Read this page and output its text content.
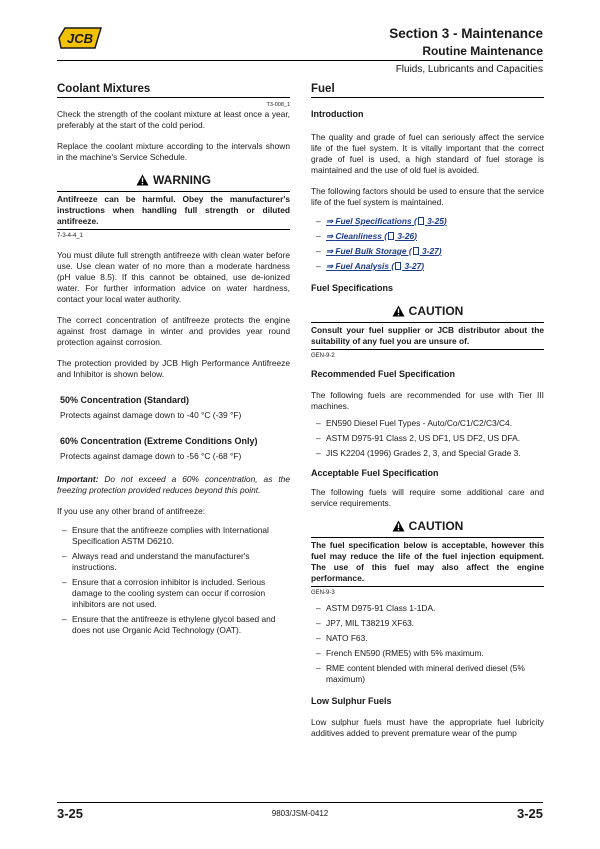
JCB	Section 3 - Maintenance
Routine Maintenance
Fluids, Lubricants and Capacities
Coolant Mixtures
T3-008_1

Check the strength of the coolant mixture at least once a year, preferably at the start of the cold period.

Replace the coolant mixture according to the intervals shown in the machine's Service Schedule.

WARNING
Antifreeze can be harmful. Obey the manufacturer's instructions when handling full strength or diluted antifreeze.
7-3-4-4_1

You must dilute full strength antifreeze with clean water before use. Use clean water of no more than a moderate hardness (pH value 8.5). If this cannot be obtained, use de-ionized water. For further information advice on water hardness, contact your local water authority.

The correct concentration of antifreeze protects the engine against frost damage in winter and provides year round protection against corrosion.

The protection provided by JCB High Performance Antifreeze and Inhibitor is shown below.

50% Concentration (Standard)
Protects against damage down to -40 °C (-39 °F)
60% Concentration (Extreme Conditions Only)
Protects against damage down to -56 °C (-68 °F)

Important: Do not exceed a 60% concentration, as the freezing protection provided reduces beyond this point.

If you use any other brand of antifreeze:

– Ensure that the antifreeze complies with International Specification ASTM D6210.
– Always read and understand the manufacturer's instructions.
– Ensure that a corrosion inhibitor is included. Serious damage to the cooling system can occur if corrosion inhibitors are not used.
– Ensure that the antifreeze is ethylene glycol based and does not use Organic Acid Technology (OAT).
Fuel
Introduction

The quality and grade of fuel can seriously affect the service life of the fuel system. It is vitally important that the correct grade of fuel is used, a high standard of fuel storage is maintained and the use of old fuel is avoided.

The following factors should be used to ensure that the service life of the fuel system is maintained.

– ⇒ Fuel Specifications ( 3-25)
– ⇒ Cleanliness ( 3-26)
– ⇒ Fuel Bulk Storage ( 3-27)
– ⇒ Fuel Analysis ( 3-27)
Fuel Specifications
CAUTION
Consult your fuel supplier or JCB distributor about the suitability of any fuel you are unsure of.
GEN-9-2
Recommended Fuel Specification

The following fuels are recommended for use with Tier III machines.

– EN590 Diesel Fuel Types - Auto/Co/C1/C2/C3/C4.
– ASTM D975-91 Class 2, US DF1, US DF2, US DFA.
– JIS K2204 (1996) Grades 2, 3, and Special Grade 3.
Acceptable Fuel Specification

The following fuels will require some additional care and service requirements.

CAUTION
The fuel specification below is acceptable, however this fuel may reduce the life of the fuel injection equipment. The use of this fuel may also affect the engine performance.
GEN-9-3
– ASTM D975-91 Class 1-1DA.
– JP7, MIL T38219 XF63.
– NATO F63.
– French EN590 (RME5) with 5% maximum.
– RME content blended with mineral derived diesel (5% maximum)
Low Sulphur Fuels

Low sulphur fuels must have the appropriate fuel lubricity additives added to prevent premature wear of the pump

3-25	9803/JSM-0412	3-25
